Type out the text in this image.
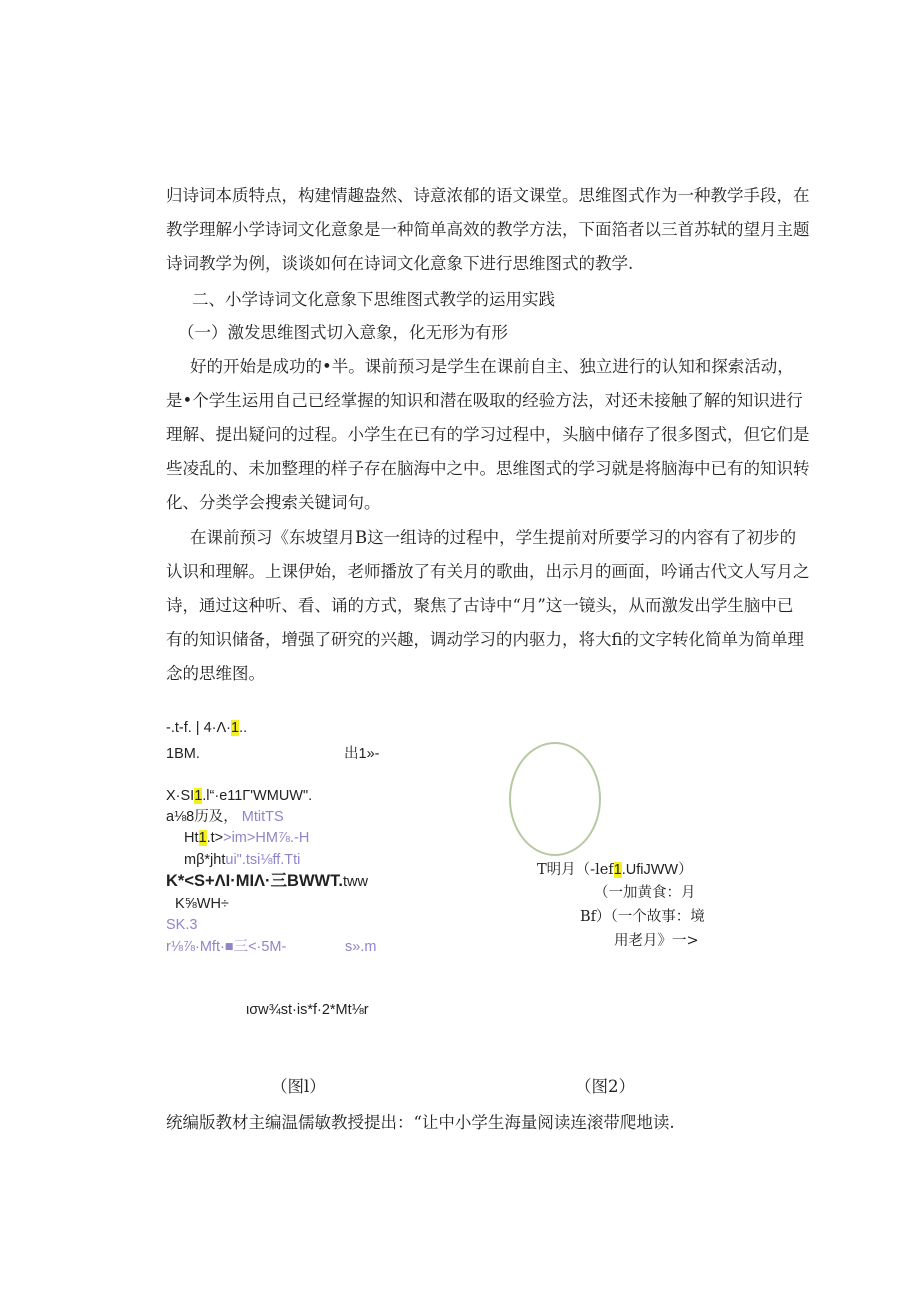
归诗词本质特点，构建情趣盎然、诗意浓郁的语文课堂。思维图式作为一种教学手段，在
教学理解小学诗词文化意象是一种简单高效的教学方法，下面箔者以三首苏轼的望月主题
诗词教学为例，谈谈如何在诗词文化意象下进行思维图式的教学.
二、小学诗词文化意象下思维图式教学的运用实践
（一）激发思维图式切入意象，化无形为有形
好的开始是成功的•半。课前预习是学生在课前自主、独立进行的认知和探索活动，
是•个学生运用自己已经掌握的知识和潜在吸取的经验方法，对还未接触了解的知识进行
理解、提出疑问的过程。小学生在已有的学习过程中，头脑中储存了很多图式，但它们是
些凌乱的、未加整理的样子存在脑海中之中。思维图式的学习就是将脑海中已有的知识转
化、分类学会搜索关键词句。
在课前预习《东坡望月B这一组诗的过程中，学生提前对所要学习的内容有了初步的
认识和理解。上课伊始，老师播放了有关月的歌曲，出示月的画面，吟诵古代文人写月之
诗，通过这种听、看、诵的方式，聚焦了古诗中“月”这一镜头，从而激发出学生脑中已
有的知识储备，增强了研究的兴趣，调动学习的内驱力，将大fi的文字转化简单为简单理
念的思维图。
-.t-f. | 4·Λ·1..
1BM.	出1»-
X·SI1.l“·e11Γ'WMUW".
a⅛8历及， MtitTS
Ht1.t>>im>HM⅞.-H
mβ*jhtui".tsi⅛ff.Tti
K*<S+ΛI·MIΛ·三BWWT.tww
K⅝WH÷
SK.3
r⅛⅞·Mft·■三<·5M-	s».m
ισw¾st·is*f·2*Mt⅛r
T明月（-lef1.UfiJWW）
（一加黄食：月
Bf）（一个故事：境
用老月》一>
（图l）	（图2）
统编版教材主编温儒敏教授提出：“让中小学生海量阅读连滚带爬地读.
